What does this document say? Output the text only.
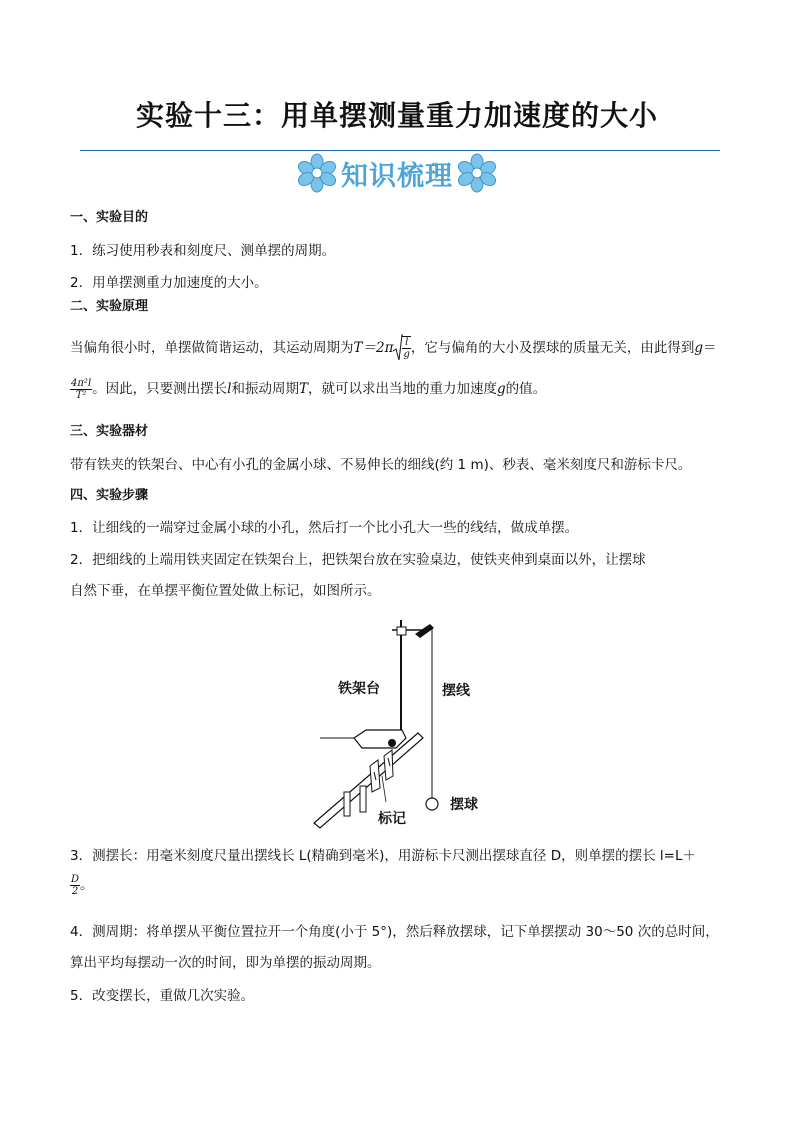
实验十三：用单摆测量重力加速度的大小
知识梳理
一、实验目的
1．练习使用秒表和刻度尺、测单摆的周期。
2．用单摆测重力加速度的大小。
二、实验原理
当偏角很小时，单摆做简谐运动，其运动周期为$T=2\pi \frac{l}{g}$ ，它与偏角的大小及摆球的质量无关，由此得到g＝
$\frac{\text{4π²l}}{\text{T²}}$ 。因此，只要测出摆长l和振动周期T，就可以求出当地的重力加速度g的值。
三、实验器材
带有铁夹的铁架台、中心有小孔的金属小球、不易伸长的细线(约 1 m)、秒表、毫米刻度尺和游标卡尺。
四、实验步骤
1．让细线的一端穿过金属小球的小孔，然后打一个比小孔大一些的线结，做成单摆。
2．把细线的上端用铁夹固定在铁架台上，把铁架台放在实验桌边，使铁夹伸到桌面以外，让摆球
自然下垂，在单摆平衡位置处做上标记，如图所示。
铁架台	摆线
摆球
标记
3．测摆长：用毫米刻度尺量出摆线长 L(精确到毫米)，用游标卡尺测出摆球直径 D，则单摆的摆长 l=L＋
$\frac{D}{2}$ 。
4．测周期：将单摆从平衡位置拉开一个角度(小于 5°)，然后释放摆球，记下单摆摆动 30～50 次的总时间，
算出平均每摆动一次的时间，即为单摆的振动周期。
5．改变摆长，重做几次实验。
